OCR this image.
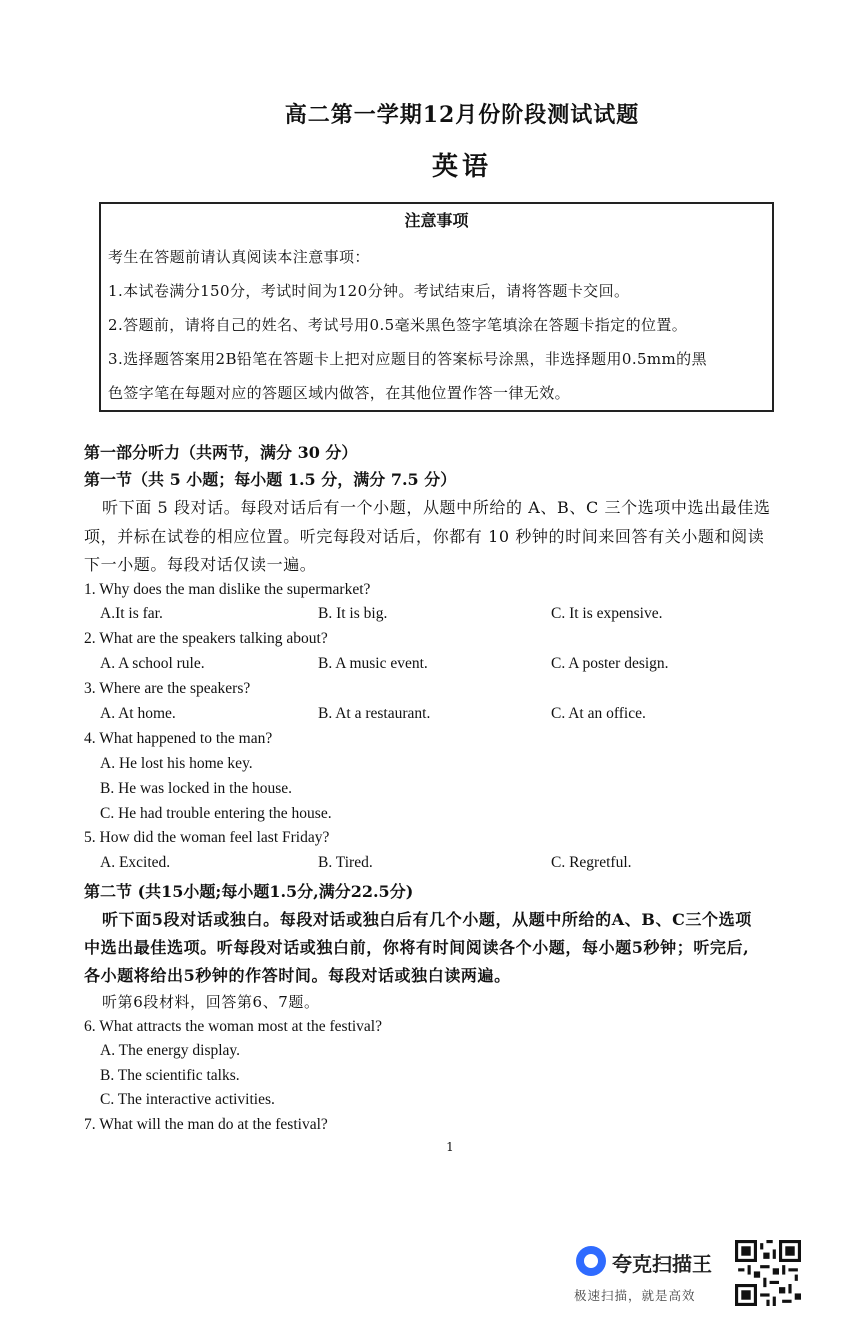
高二第一学期12月份阶段测试试题
英语
注意事项
考生在答题前请认真阅读本注意事项：
1.本试卷满分150分，考试时间为120分钟。考试结束后，请将答题卡交回。
2.答题前，请将自己的姓名、考试号用0.5毫米黑色签字笔填涂在答题卡指定的位置。
3.选择题答案用2B铅笔在答题卡上把对应题目的答案标号涂黑，非选择题用0.5mm的黑
色签字笔在每题对应的答题区域内做答，在其他位置作答一律无效。
第一部分听力（共两节，满分 30 分）
第一节（共 5 小题；每小题 1.5 分，满分 7.5 分）
听下面 5 段对话。每段对话后有一个小题，从题中所给的 A、B、C 三个选项中选出最佳选
项，并标在试卷的相应位置。听完每段对话后，你都有 10 秒钟的时间来回答有关小题和阅读
下一小题。每段对话仅读一遍。
1. Why does the man dislike the supermarket?
A.It is far.	B. It is big.	C. It is expensive.
2. What are the speakers talking about?
A. A school rule.	B. A music event.	C. A poster design.
3. Where are the speakers?
A. At home.	B. At a restaurant.	C. At an office.
4. What happened to the man?
A. He lost his home key.
B. He was locked in the house.
C. He had trouble entering the house.
5. How did the woman feel last Friday?
A. Excited.	B. Tired.	C. Regretful.
第二节 (共15小题;每小题1.5分,满分22.5分)
听下面5段对话或独白。每段对话或独白后有几个小题，从题中所给的A、B、C三个选项
中选出最佳选项。听每段对话或独白前，你将有时间阅读各个小题，每小题5秒钟；听完后,
各小题将给出5秒钟的作答时间。每段对话或独白读两遍。
听第6段材料，回答第6、7题。
6. What attracts the woman most at the festival?
A. The energy display.
B. The scientific talks.
C. The interactive activities.
7. What will the man do at the festival?
1
夸克扫描王
极速扫描，就是高效
